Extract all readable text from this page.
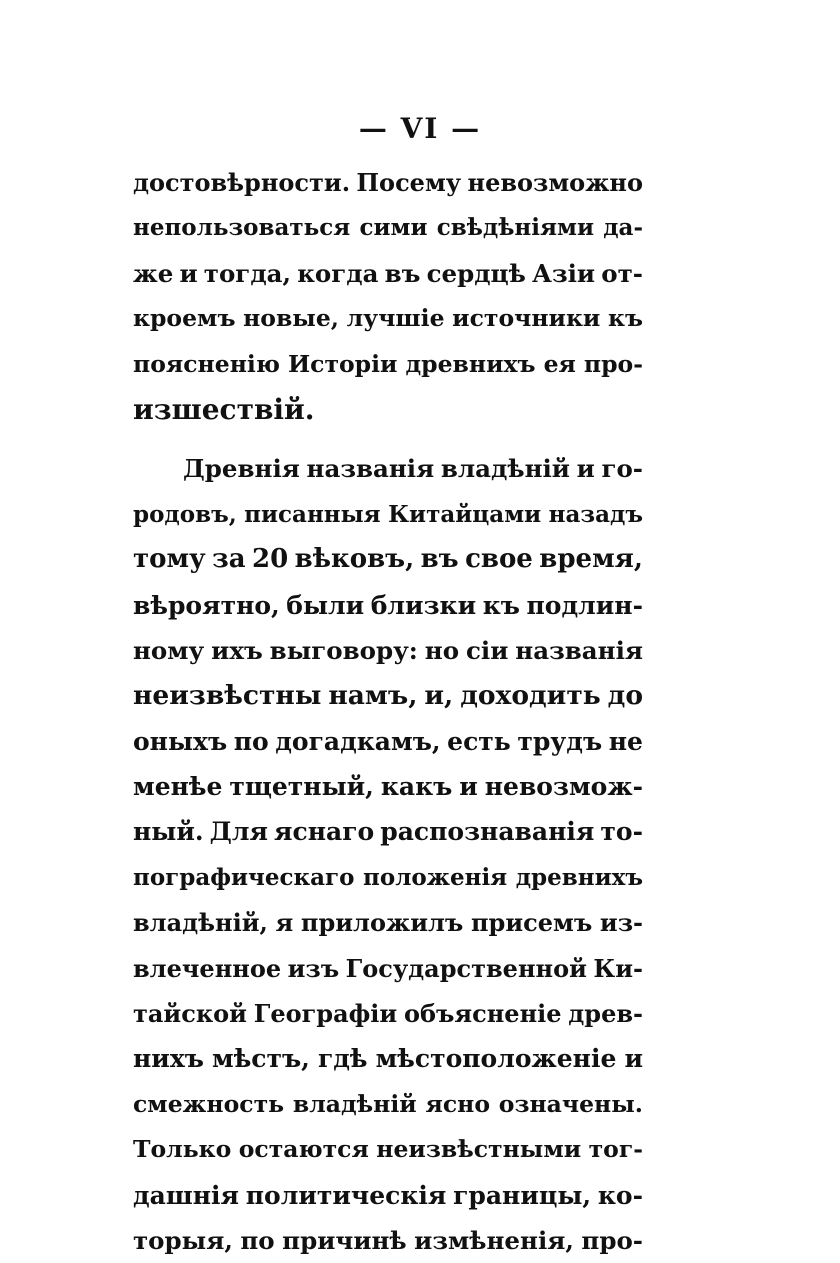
— VI —
достовѣрности. Посему невозможно
непользоваться сими свѣдѣніями да-
же и тогда, когда въ сердцѣ Азіи от-
кроемъ новые, лучшіе источники къ
поясненію Исторіи древнихъ ея про-
изшествій.
Древнія названія владѣній и го-
родовъ, писанныя Китайцами назадъ
тому за 20 вѣковъ, въ свое время,
вѣроятно, были близки къ подлин-
ному ихъ выговору: но сіи названія
неизвѣстны намъ, и, доходить до
оныхъ по догадкамъ, есть трудъ не
менѣе тщетный, какъ и невозмож-
ный. Для яснаго распознаванія то-
пографическаго положенія древнихъ
владѣній, я приложилъ присемъ из-
влеченное изъ Государственной Ки-
тайской Географіи объясненіе древ-
нихъ мѣстъ, гдѣ мѣстоположеніе и
смежность владѣній ясно означены.
Только остаются неизвѣстными тог-
дашнія политическія границы, ко-
торыя, по причинѣ измѣненія, про-
